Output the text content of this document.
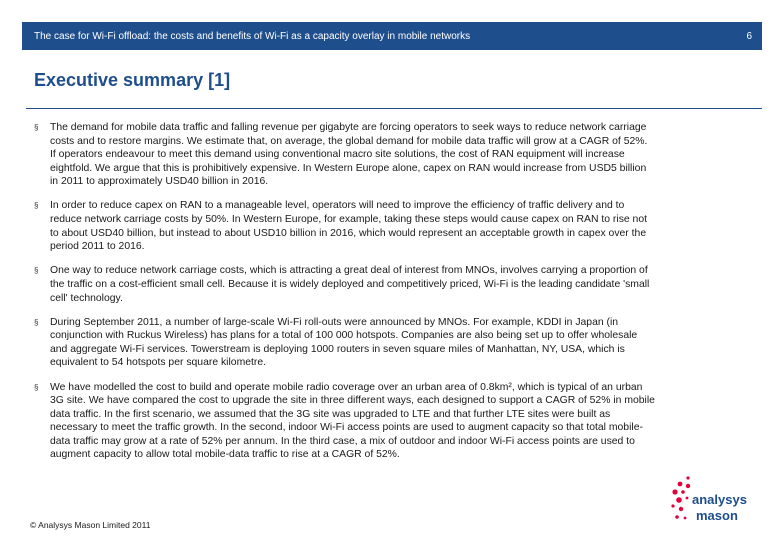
The case for Wi-Fi offload: the costs and benefits of Wi-Fi as a capacity overlay in mobile networks	6
Executive summary [1]
§ The demand for mobile data traffic and falling revenue per gigabyte are forcing operators to seek ways to reduce network carriage
costs and to restore margins. We estimate that, on average, the global demand for mobile data traffic will grow at a CAGR of 52%.
If operators endeavour to meet this demand using conventional macro site solutions, the cost of RAN equipment will increase
eightfold. We argue that this is prohibitively expensive. In Western Europe alone, capex on RAN would increase from USD5 billion
in 2011 to approximately USD40 billion in 2016.
§ In order to reduce capex on RAN to a manageable level, operators will need to improve the efficiency of traffic delivery and to
reduce network carriage costs by 50%. In Western Europe, for example, taking these steps would cause capex on RAN to rise not
to about USD40 billion, but instead to about USD10 billion in 2016, which would represent an acceptable growth in capex over the
period 2011 to 2016.
§ One way to reduce network carriage costs, which is attracting a great deal of interest from MNOs, involves carrying a proportion of
the traffic on a cost-efficient small cell. Because it is widely deployed and competitively priced, Wi-Fi is the leading candidate 'small
cell' technology.
§ During September 2011, a number of large-scale Wi-Fi roll-outs were announced by MNOs. For example, KDDI in Japan (in
conjunction with Ruckus Wireless) has plans for a total of 100 000 hotspots. Companies are also being set up to offer wholesale
and aggregate Wi-Fi services. Towerstream is deploying 1000 routers in seven square miles of Manhattan, NY, USA, which is
equivalent to 54 hotspots per square kilometre.
§ We have modelled the cost to build and operate mobile radio coverage over an urban area of 0.8km², which is typical of an urban
3G site. We have compared the cost to upgrade the site in three different ways, each designed to support a CAGR of 52% in mobile
data traffic. In the first scenario, we assumed that the 3G site was upgraded to LTE and that further LTE sites were built as
necessary to meet the traffic growth. In the second, indoor Wi-Fi access points are used to augment capacity so that total mobile-
data traffic may grow at a rate of 52% per annum. In the third case, a mix of outdoor and indoor Wi-Fi access points are used to
augment capacity to allow total mobile-data traffic to rise at a CAGR of 52%.
© Analysys Mason Limited 2011
analysys
mason
